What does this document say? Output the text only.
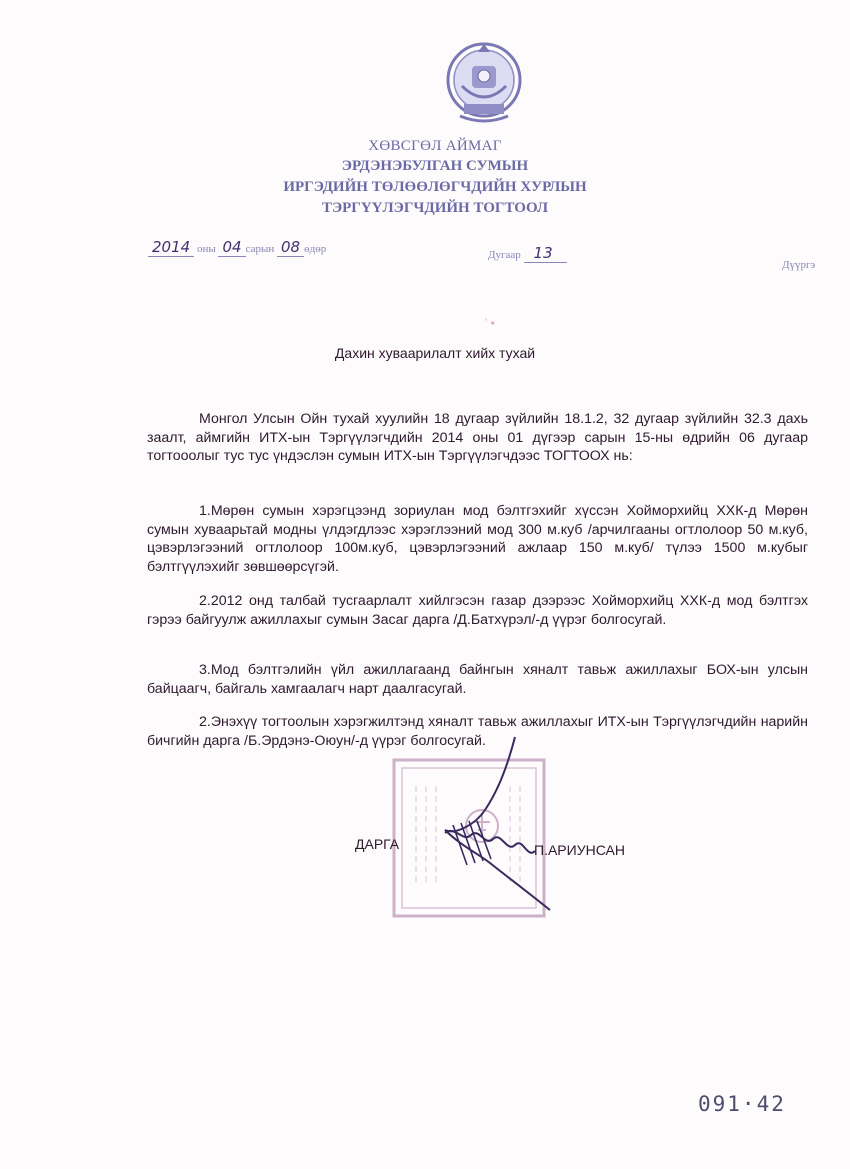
ХӨВСГӨЛ АЙМАГ
ЭРДЭНЭБУЛГАН СУМЫН
ИРГЭДИЙН ТӨЛӨӨЛӨГЧДИЙН ХУРЛЫН
ТЭРГҮҮЛЭГЧДИЙН ТОГТООЛ
2014 оны 04 сарын 08 өдөр	Дугаар 13
Дүүргэ
ʼ ٭
Дахин хуваарилалт хийх тухай
Монгол Улсын Ойн тухай хуулийн 18 дугаар зүйлийн 18.1.2, 32 дугаар зүйлийн 32.3 дахь заалт, аймгийн ИТХ-ын Тэргүүлэгчдийн 2014 оны 01 дүгээр сарын 15-ны өдрийн 06 дугаар тогтооолыг тус тус үндэслэн сумын ИТХ-ын Тэргүүлэгчдээс ТОГТООХ нь:
1.Мөрөн сумын хэрэгцээнд зориулан мод бэлтгэхийг хүссэн Хойморхийц ХХК-д Мөрөн сумын хуваарьтай модны үлдэгдлээс хэрэглээний мод 300 м.куб /арчилгааны огтлолоор 50 м.куб, цэвэрлэгээний огтлолоор 100м.куб, цэвэрлэгээний ажлаар 150 м.куб/ түлээ 1500 м.кубыг бэлтгүүлэхийг зөвшөөрсүгэй.
2.2012 онд талбай тусгаарлалт хийлгэсэн газар дээрээс Хойморхийц ХХК-д мод бэлтгэх гэрээ байгуулж ажиллахыг сумын Засаг дарга /Д.Батхүрэл/-д үүрэг болгосугай.
3.Мод бэлтгэлийн үйл ажиллагаанд байнгын хяналт тавьж ажиллахыг БОХ-ын улсын байцаагч, байгаль хамгаалагч нарт даалгасугай.
2.Энэхүү тогтоолын хэрэгжилтэнд хяналт тавьж ажиллахыг ИТХ-ын Тэргүүлэгчдийн нарийн бичгийн дарга /Б.Эрдэнэ-Оюун/-д үүрэг болгосугай.
ДАРГА	П.АРИУНСАН
091·42
